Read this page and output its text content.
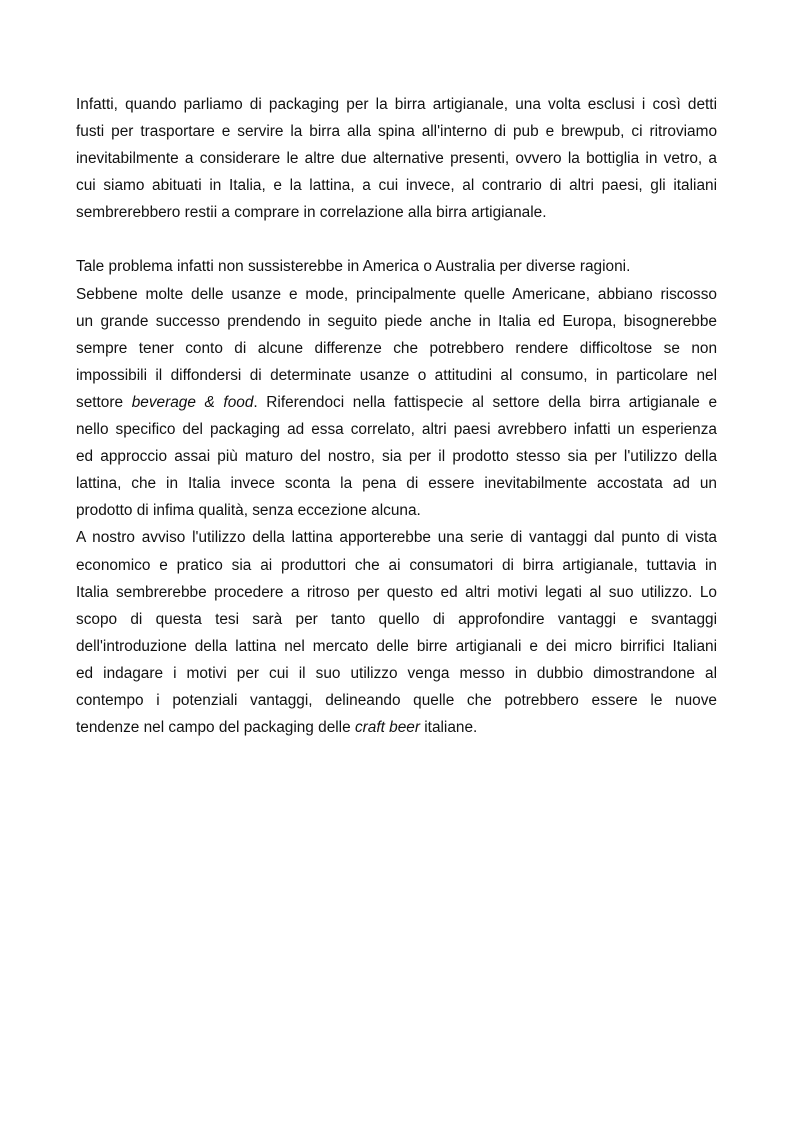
Infatti, quando parliamo di packaging per la birra artigianale, una volta esclusi i così detti
fusti per trasportare e servire la birra alla spina all'interno di pub e brewpub, ci ritroviamo
inevitabilmente a considerare le altre due alternative presenti, ovvero la bottiglia in vetro, a
cui siamo abituati in Italia, e la lattina, a cui invece, al contrario di altri paesi, gli italiani
sembrerebbero restii a comprare in correlazione alla birra artigianale.

Tale problema infatti non sussisterebbe in America o Australia per diverse ragioni.

Sebbene molte delle usanze e mode, principalmente quelle Americane, abbiano riscosso
un grande successo prendendo in seguito piede anche in Italia ed Europa, bisognerebbe
sempre tener conto di alcune differenze che potrebbero rendere difficoltose se non
impossibili il diffondersi di determinate usanze o attitudini al consumo, in particolare nel
settore beverage & food. Riferendoci nella fattispecie al settore della birra artigianale e
nello specifico del packaging ad essa correlato, altri paesi avrebbero infatti un esperienza
ed approccio assai più maturo del nostro, sia per il prodotto stesso sia per l'utilizzo della
lattina, che in Italia invece sconta la pena di essere inevitabilmente accostata ad un
prodotto di infima qualità, senza eccezione alcuna.

A nostro avviso l'utilizzo della lattina apporterebbe una serie di vantaggi dal punto di vista
economico e pratico sia ai produttori che ai consumatori di birra artigianale, tuttavia in
Italia sembrerebbe procedere a ritroso per questo ed altri motivi legati al suo utilizzo. Lo
scopo di questa tesi sarà per tanto quello di approfondire vantaggi e svantaggi
dell'introduzione della lattina nel mercato delle birre artigianali e dei micro birrifici Italiani
ed indagare i motivi per cui il suo utilizzo venga messo in dubbio dimostrandone al
contempo i potenziali vantaggi, delineando quelle che potrebbero essere le nuove
tendenze nel campo del packaging delle craft beer italiane.
